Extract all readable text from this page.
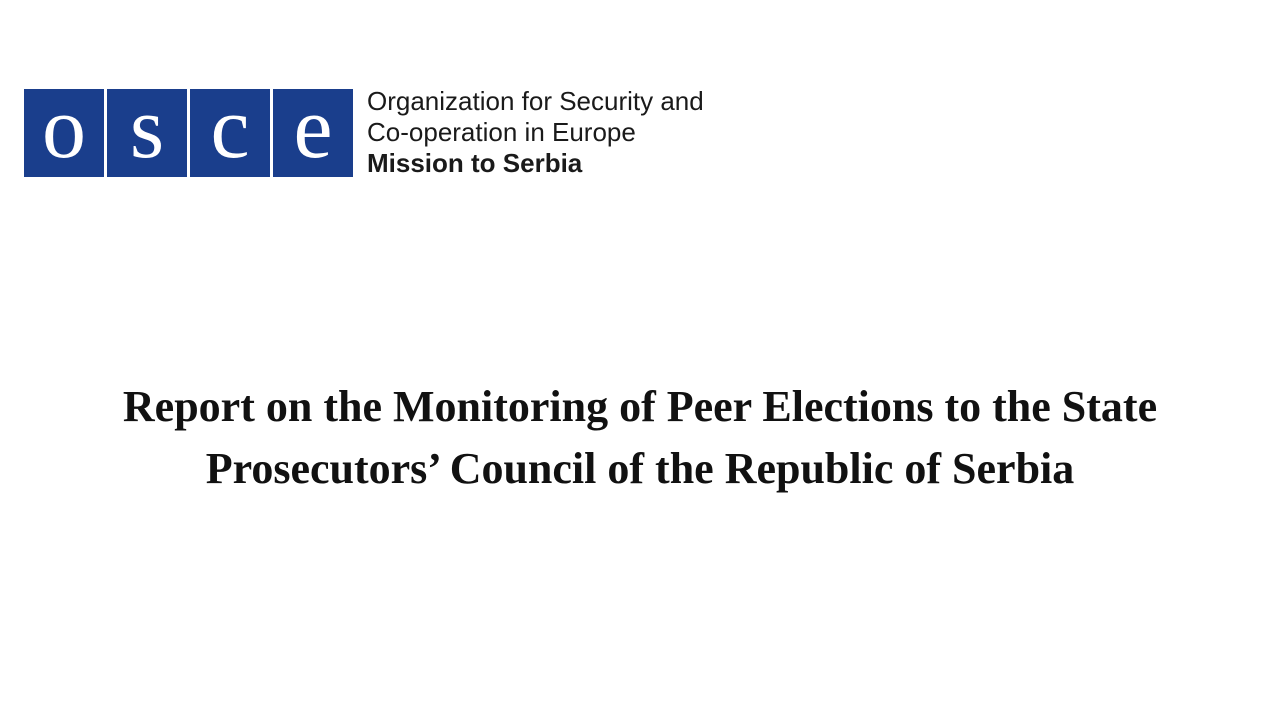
o s c e	Organization for Security and
Co-operation in Europe
Mission to Serbia
Report on the Monitoring of Peer Elections to the State
Prosecutors’ Council of the Republic of Serbia
